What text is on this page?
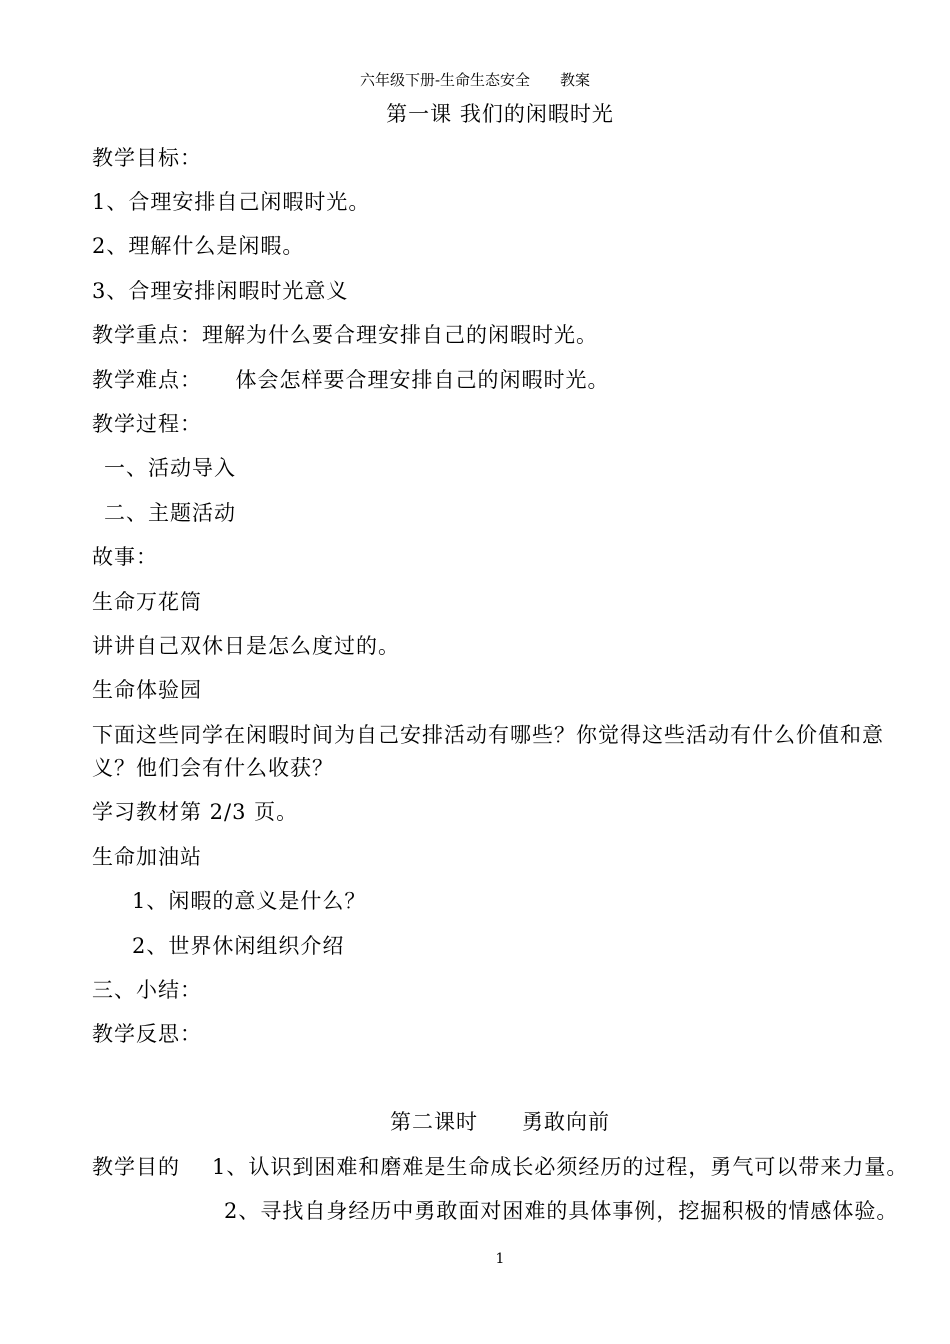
六年级下册-生命生态安全　　教案
第一课 我们的闲暇时光
教学目标：
1、合理安排自己闲暇时光。
2、理解什么是闲暇。
3、合理安排闲暇时光意义
教学重点：理解为什么要合理安排自己的闲暇时光。
教学难点：　　体会怎样要合理安排自己的闲暇时光。
教学过程：
一、活动导入
二、主题活动
故事：
生命万花筒
讲讲自己双休日是怎么度过的。
生命体验园
下面这些同学在闲暇时间为自己安排活动有哪些？你觉得这些活动有什么价值和意
义？他们会有什么收获？
学习教材第 2/3 页。
生命加油站
1、闲暇的意义是什么？
2、世界休闲组织介绍
三、小结：
教学反思：
第二课时　　勇敢向前
教学目的 1、认识到困难和磨难是生命成长必须经历的过程，勇气可以带来力量。
2、寻找自身经历中勇敢面对困难的具体事例，挖掘积极的情感体验。
1
